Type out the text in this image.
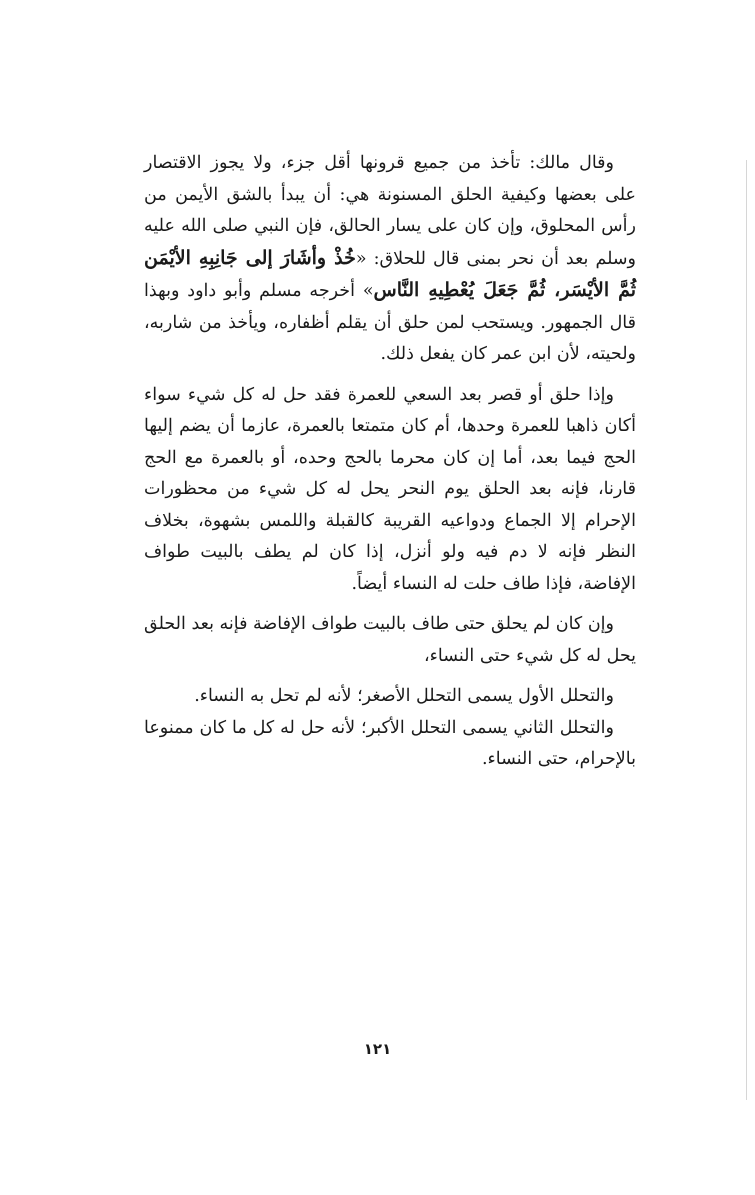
وقال مالك: تأخذ من جميع قرونها أقل جزء، ولا يجوز الاقتصار على بعضها وكيفية الحلق المسنونة هي: أن يبدأ بالشق الأيمن من رأس المحلوق، وإن كان على يسار الحالق، فإن النبي صلى الله عليه وسلم بعد أن نحر بمنى قال للحلاق: «خُذْ وأشَارَ إلى جَانِبِهِ الأيْمَن ثُمَّ الأيْسَر، ثُمَّ جَعَلَ يُعْطِيهِ النَّاس» أخرجه مسلم وأبو داود وبهذا قال الجمهور. ويستحب لمن حلق أن يقلم أظفاره، ويأخذ من شاربه، ولحيته، لأن ابن عمر كان يفعل ذلك.

وإذا حلق أو قصر بعد السعي للعمرة فقد حل له كل شيء سواء أكان ذاهبا للعمرة وحدها، أم كان متمتعا بالعمرة، عازما أن يضم إليها الحج فيما بعد، أما إن كان محرما بالحج وحده، أو بالعمرة مع الحج قارنا، فإنه بعد الحلق يوم النحر يحل له كل شيء من محظورات الإحرام إلا الجماع ودواعيه القريبة كالقبلة واللمس بشهوة، بخلاف النظر فإنه لا دم فيه ولو أنزل، إذا كان لم يطف بالبيت طواف الإفاضة، فإذا طاف حلت له النساء أيضاً.

وإن كان لم يحلق حتى طاف بالبيت طواف الإفاضة فإنه بعد الحلق يحل له كل شيء حتى النساء،

والتحلل الأول يسمى التحلل الأصغر؛ لأنه لم تحل به النساء.

والتحلل الثاني يسمى التحلل الأكبر؛ لأنه حل له كل ما كان ممنوعا بالإحرام، حتى النساء.

١٢١
